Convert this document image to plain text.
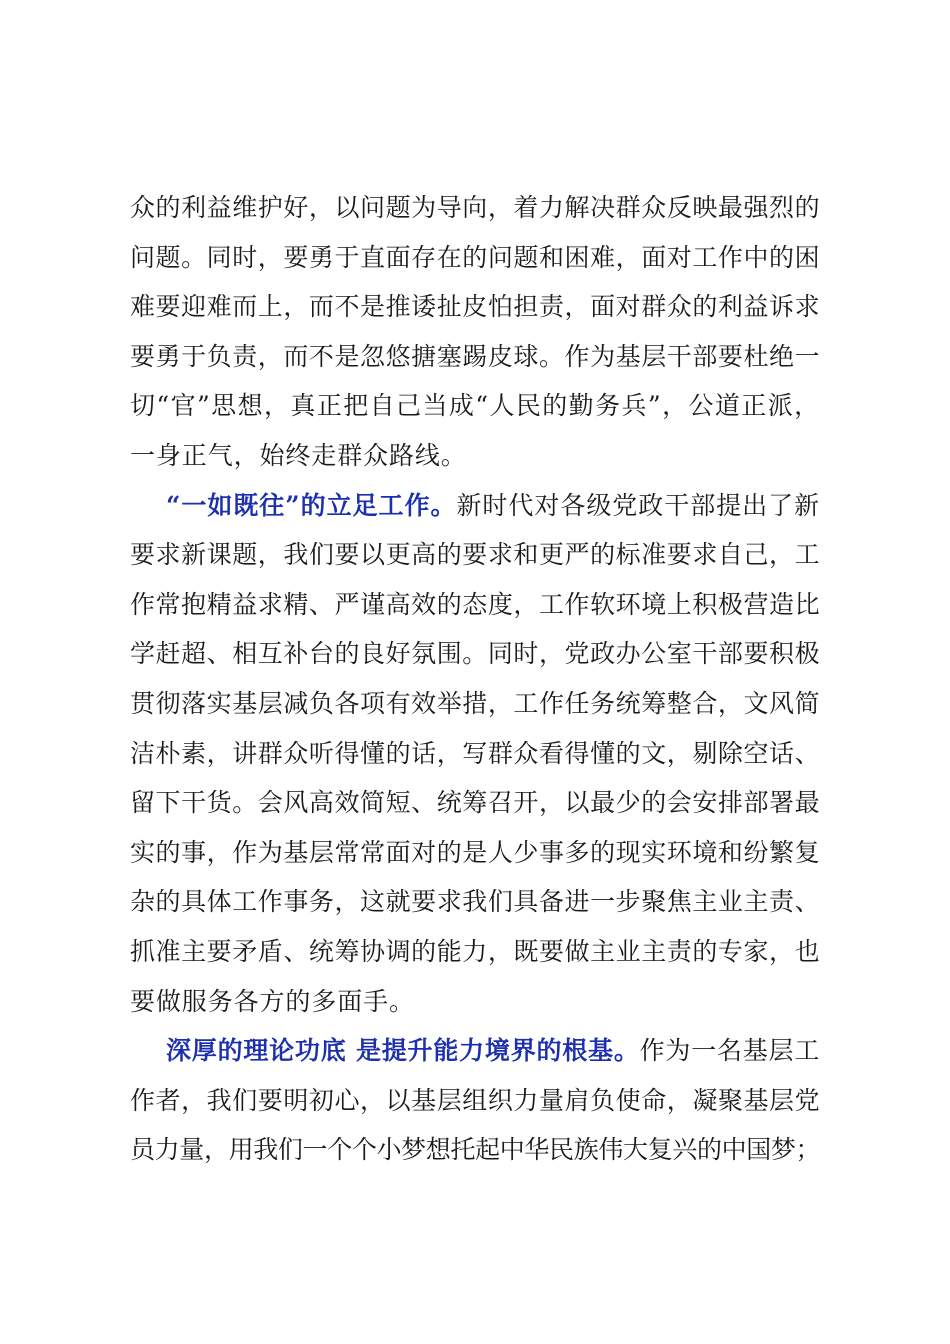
众的利益维护好，以问题为导向，着力解决群众反映最强烈的
问题。同时，要勇于直面存在的问题和困难，面对工作中的困
难要迎难而上，而不是推诿扯皮怕担责，面对群众的利益诉求
要勇于负责，而不是忽悠搪塞踢皮球。作为基层干部要杜绝一
切“官”思想，真正把自己当成“人民的勤务兵”，公道正派，
一身正气，始终走群众路线。
“一如既往”的立足工作。新时代对各级党政干部提出了新
要求新课题，我们要以更高的要求和更严的标准要求自己，工
作常抱精益求精、严谨高效的态度，工作软环境上积极营造比
学赶超、相互补台的良好氛围。同时，党政办公室干部要积极
贯彻落实基层减负各项有效举措，工作任务统筹整合，文风简
洁朴素，讲群众听得懂的话，写群众看得懂的文，剔除空话、
留下干货。会风高效简短、统筹召开，以最少的会安排部署最
实的事，作为基层常常面对的是人少事多的现实环境和纷繁复
杂的具体工作事务，这就要求我们具备进一步聚焦主业主责、
抓准主要矛盾、统筹协调的能力，既要做主业主责的专家，也
要做服务各方的多面手。
深厚的理论功底 是提升能力境界的根基。作为一名基层工
作者，我们要明初心，以基层组织力量肩负使命，凝聚基层党
员力量，用我们一个个小梦想托起中华民族伟大复兴的中国梦；
